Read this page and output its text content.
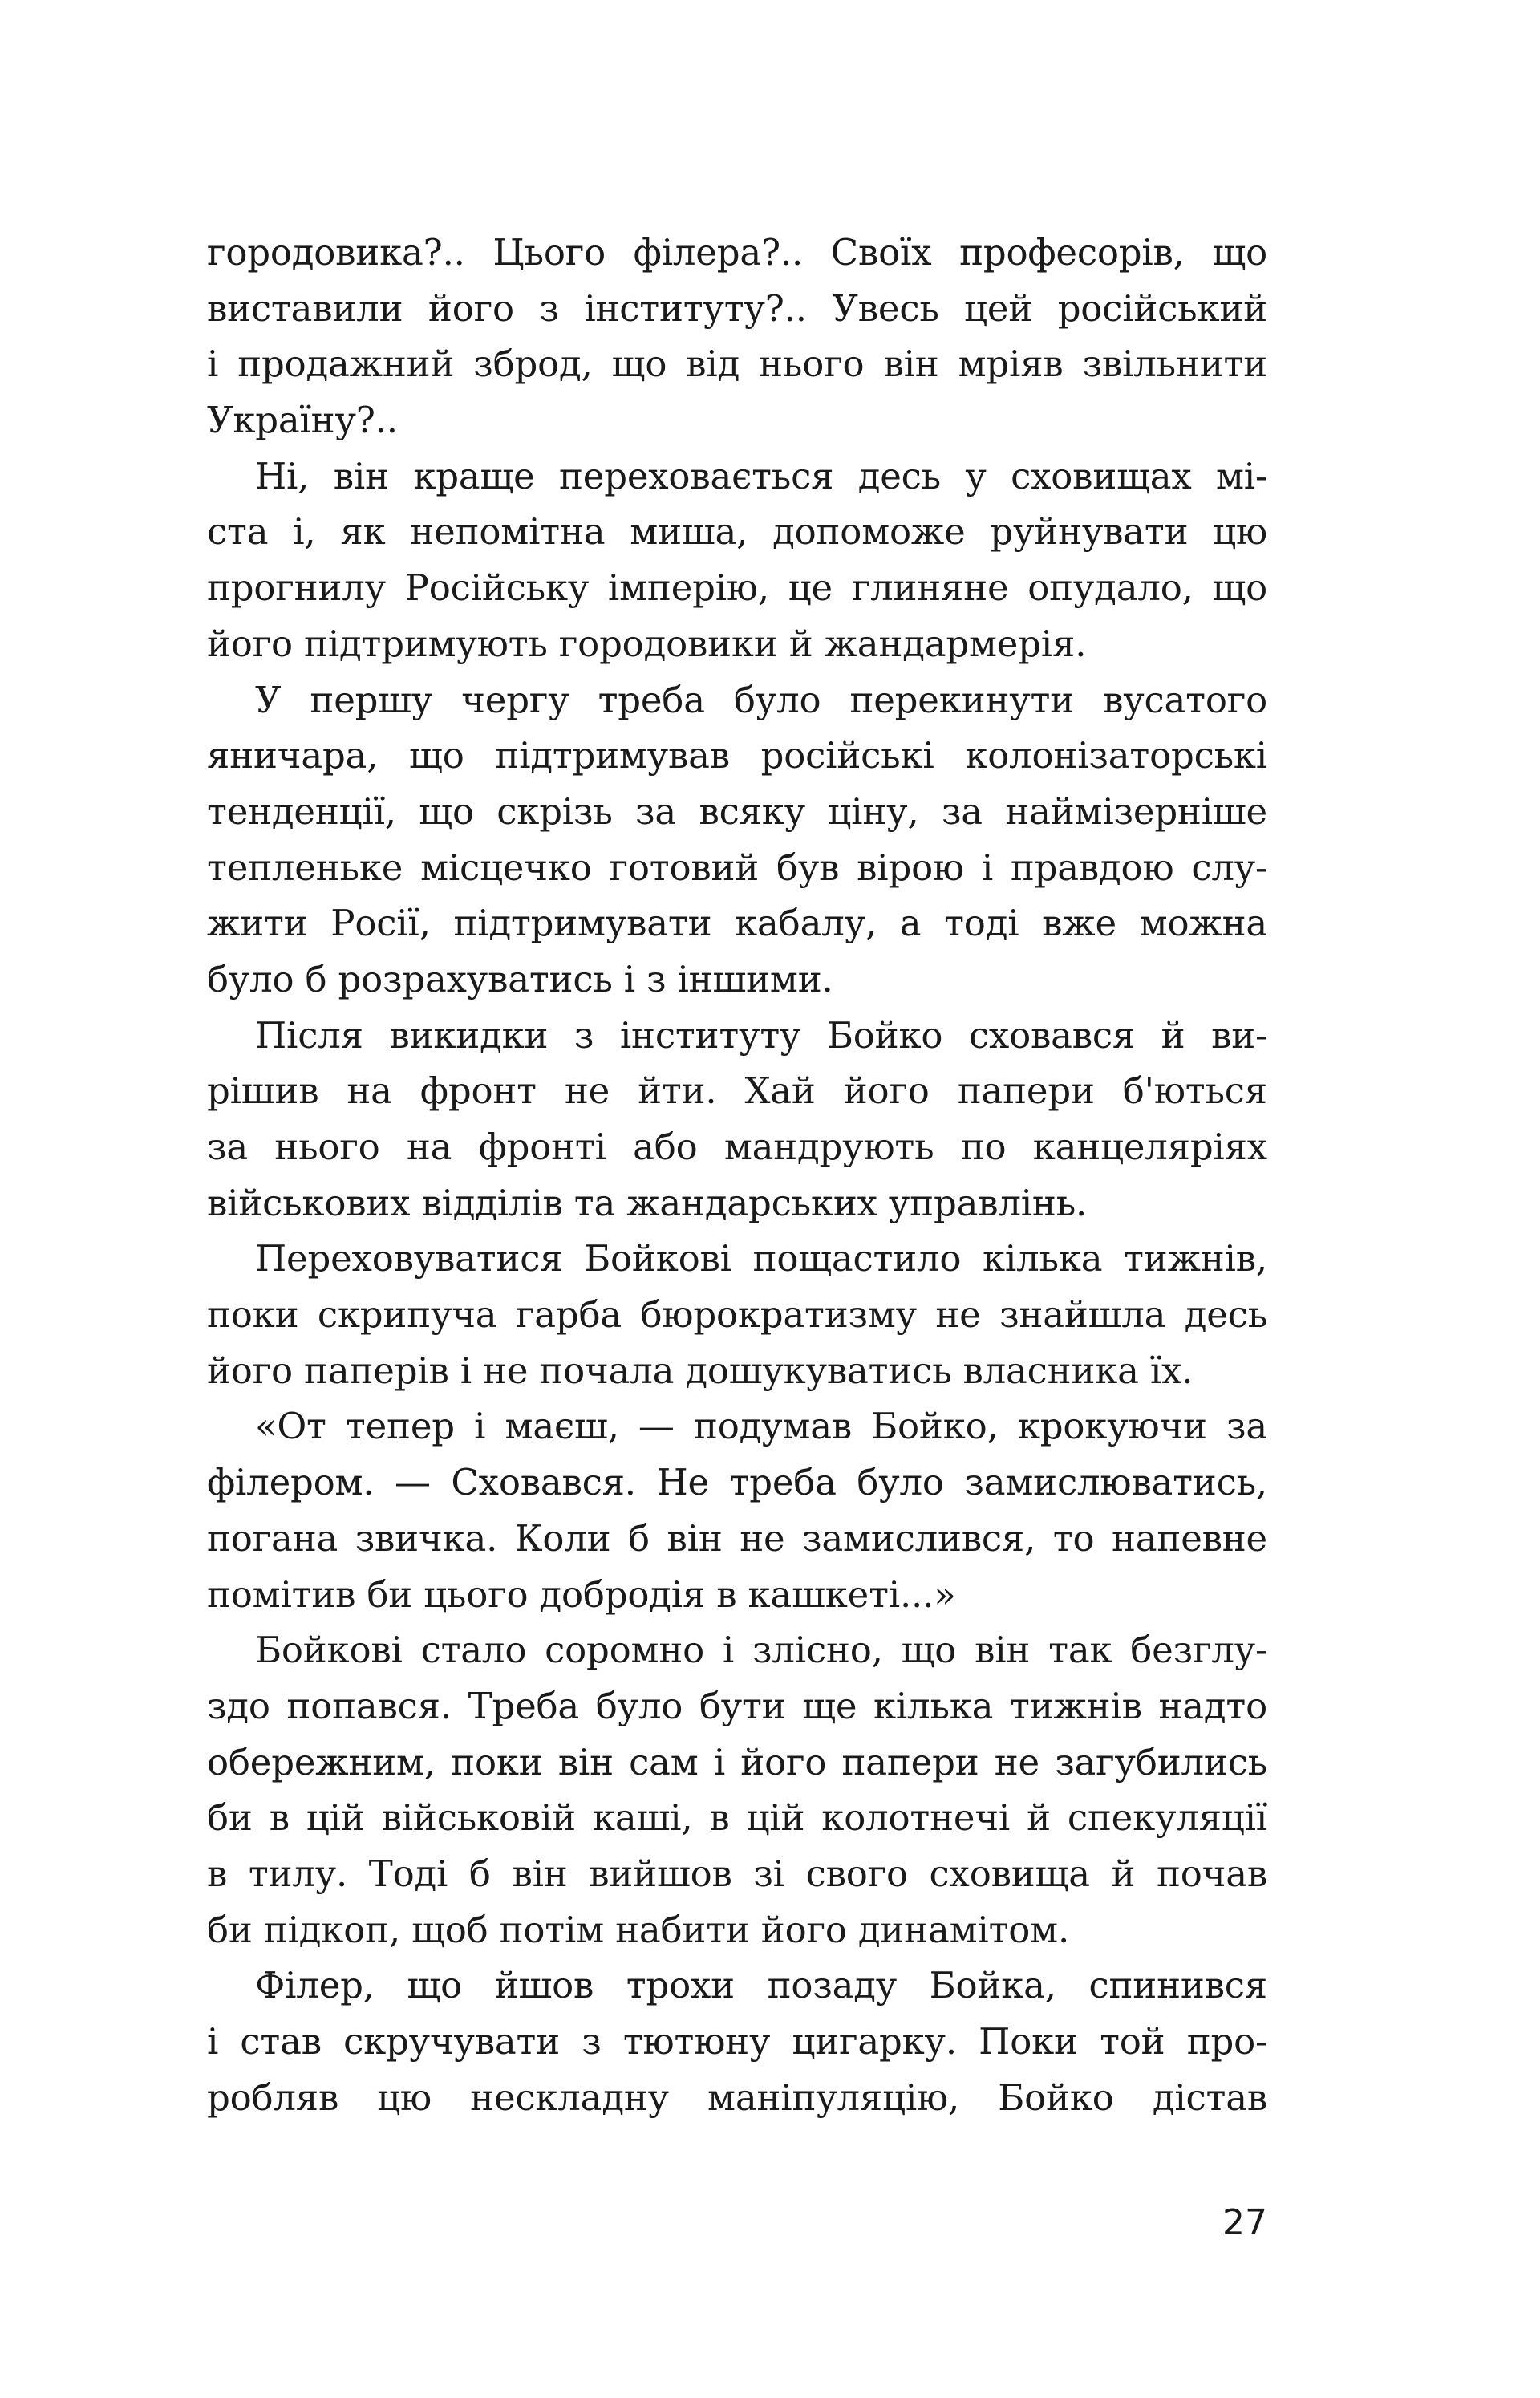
городовика?.. Цього філера?.. Своїх професорів, що
виставили його з інституту?.. Увесь цей російський
і продажний зброд, що від нього він мріяв звільнити
Україну?..
Ні, він краще переховається десь у сховищах мі-
ста і, як непомітна миша, допоможе руйнувати цю
прогнилу Російську імперію, це глиняне опудало, що
його підтримують городовики й жандармерія.
У першу чергу треба було перекинути вусатого
яничара, що підтримував російські колонізаторські
тенденції, що скрізь за всяку ціну, за наймізерніше
тепленьке місцечко готовий був вірою і правдою слу-
жити Росії, підтримувати кабалу, а тоді вже можна
було б розрахуватись і з іншими.
Після викидки з інституту Бойко сховався й ви-
рішив на фронт не йти. Хай його папери б'ються
за нього на фронті або мандрують по канцеляріях
військових відділів та жандарських управлінь.
Переховуватися Бойкові пощастило кілька тижнів,
поки скрипуча гарба бюрократизму не знайшла десь
його паперів і не почала дошукуватись власника їх.
«От тепер і маєш, — подумав Бойко, крокуючи за
філером. — Сховався. Не треба було замислюватись,
погана звичка. Коли б він не замислився, то напевне
помітив би цього добродія в кашкеті...»
Бойкові стало соромно і злісно, що він так безглу-
здо попався. Треба було бути ще кілька тижнів надто
обережним, поки він сам і його папери не загубились
би в цій військовій каші, в цій колотнечі й спекуляції
в тилу. Тоді б він вийшов зі свого сховища й почав
би підкоп, щоб потім набити його динамітом.
Філер, що йшов трохи позаду Бойка, спинився
і став скручувати з тютюну цигарку. Поки той про-
робляв цю нескладну маніпуляцію, Бойко дістав
27
